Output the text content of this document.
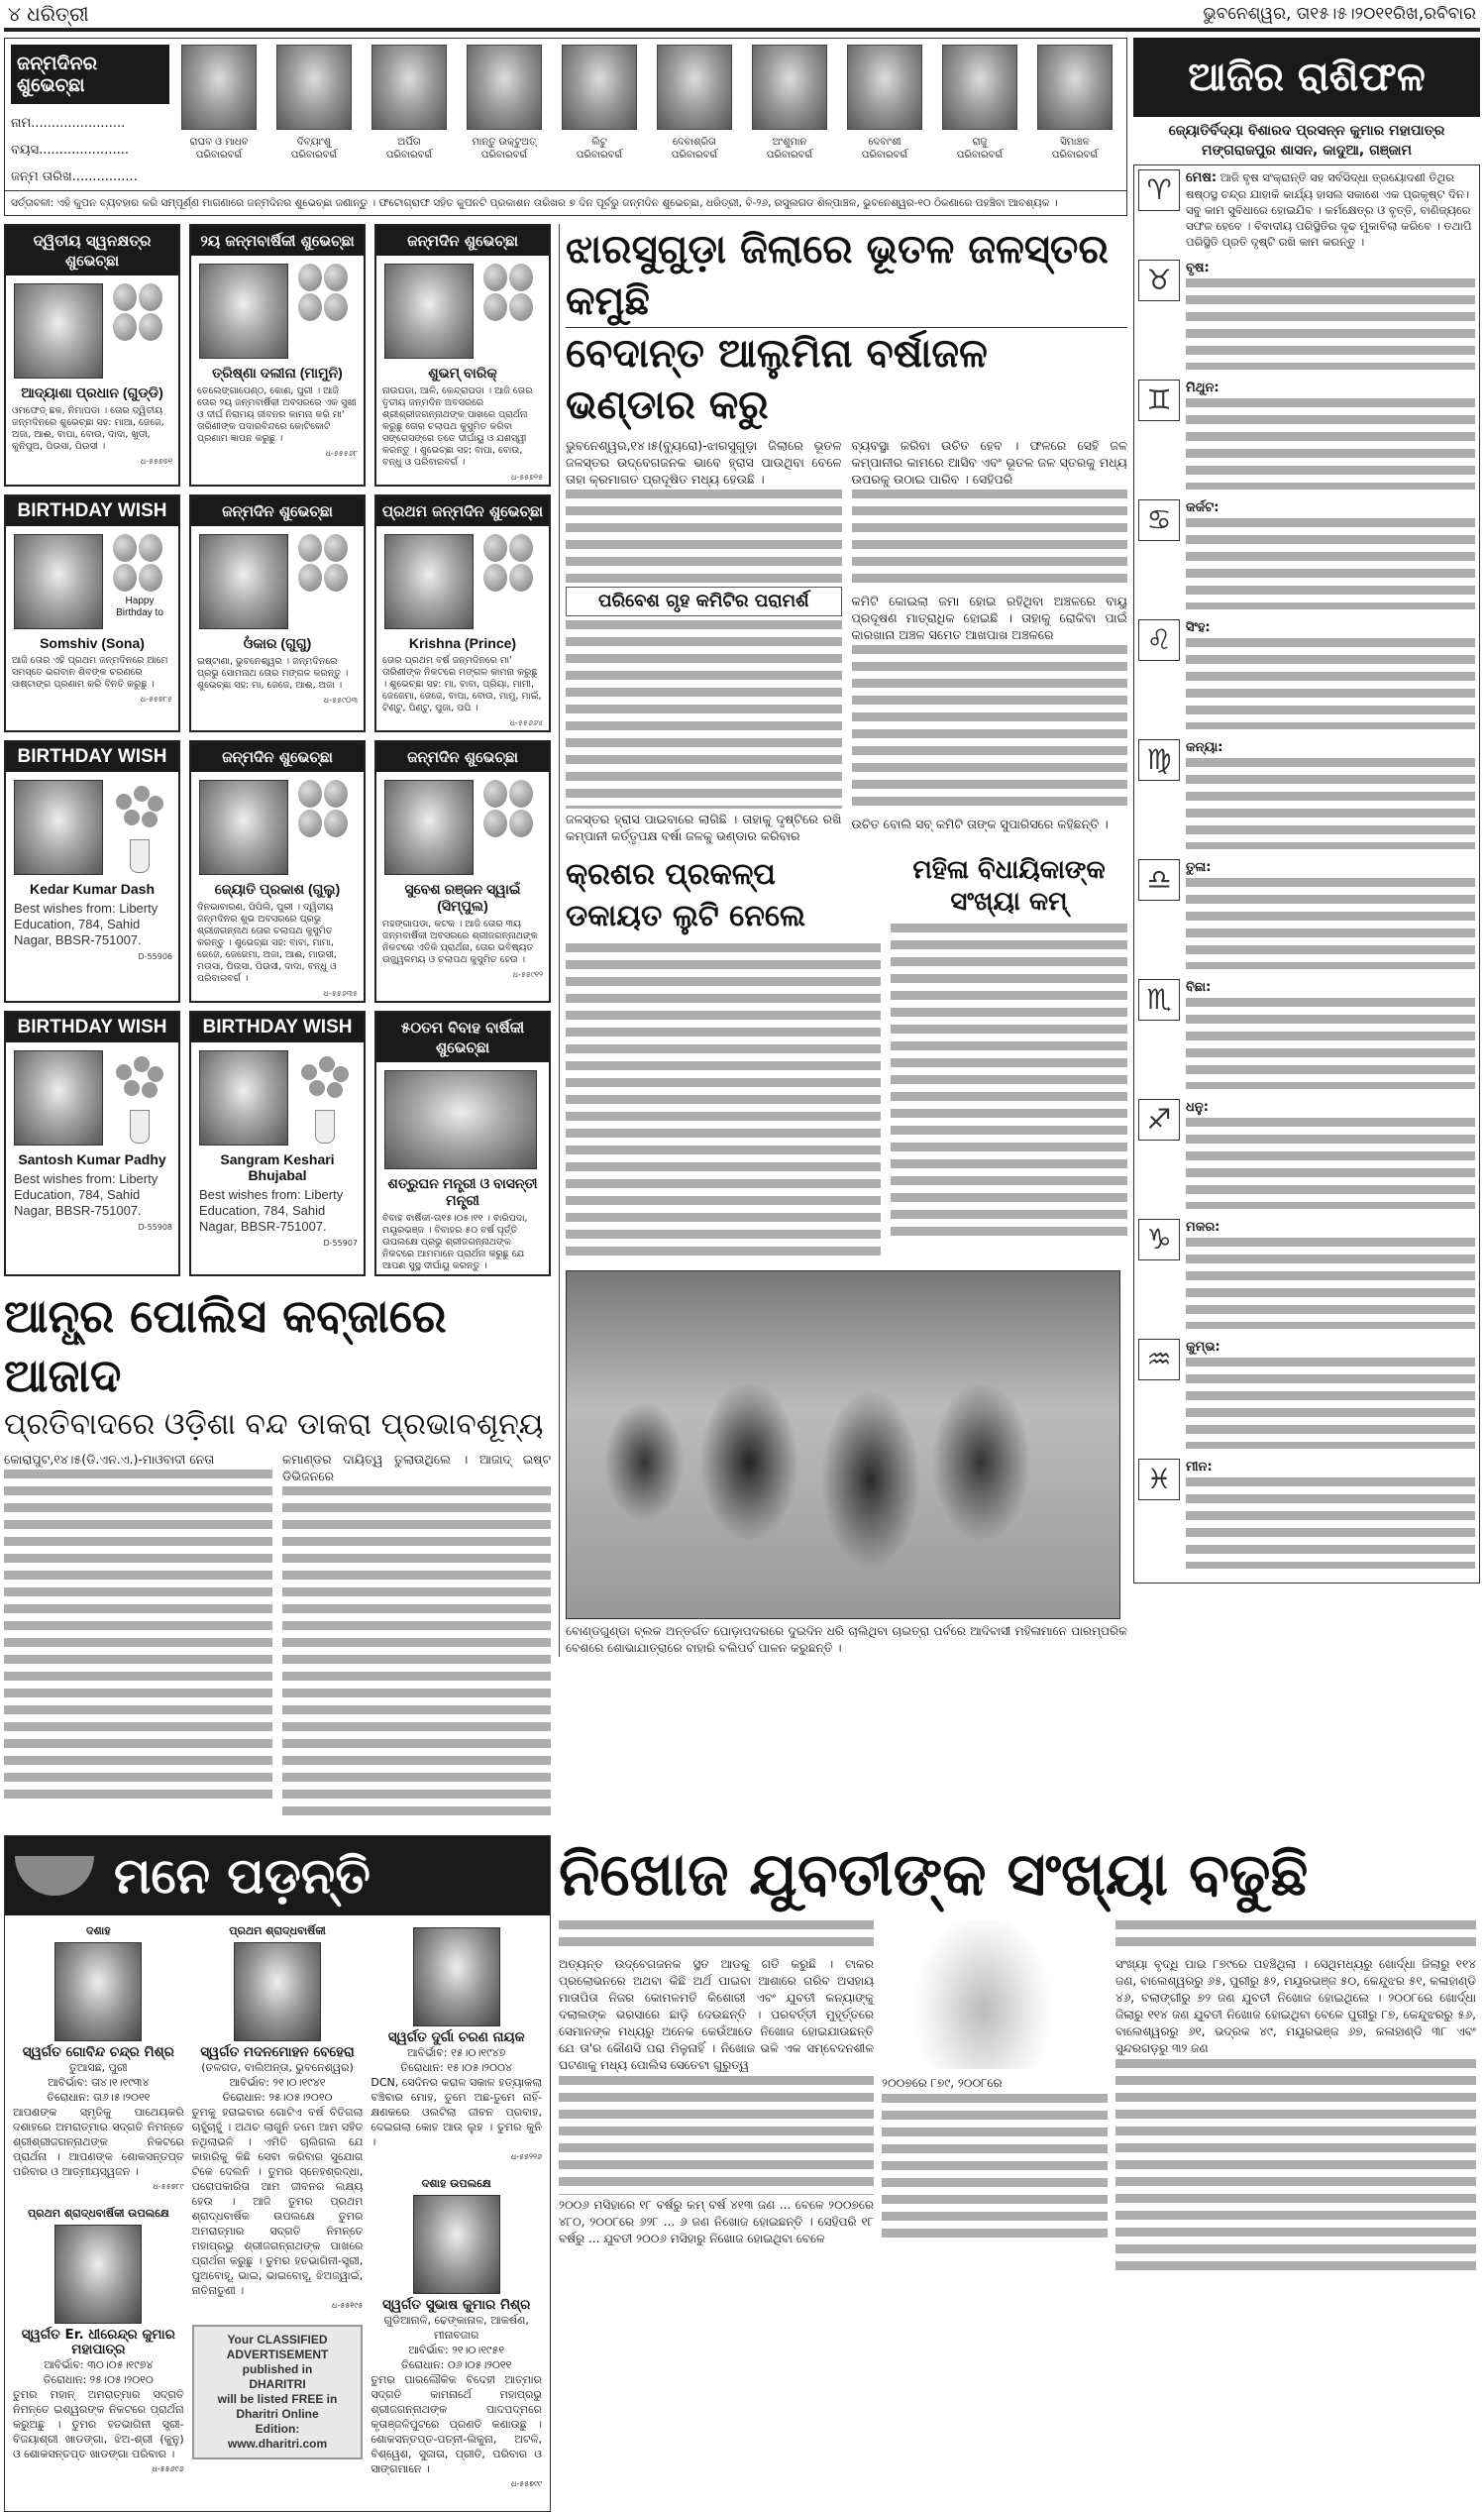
୪ ଧରିତ୍ରୀ	ଭୁବନେଶ୍ୱର, ତା୧୫।୫।୨୦୧୧ରିଖ,ରବିବାର
ଜନ୍ମଦିନର ଶୁଭେଚ୍ଛା
ନାମ.......................
ବୟସ......................
ଜନ୍ମ ତାରିଖ................
ରାଘବ ଓ ମାଧବ
ପରିବାରବର୍ଗ
ଦିବ୍ୟାଂଶୁ
ପରିବାରବର୍ଗ
ଅର୍ପିତା
ପରିବାରବର୍ଗ
ମାନ୍ତୁ ଉକ୍ଟୁଅତ୍
ପରିବାରବର୍ଗ
ଲିଟୁ
ପରିବାରବର୍ଗ
ଦେବାଶ୍ରିତା
ପରିବାରବର୍ଗ
ଅଂଶୁମାନ
ପରିବାରବର୍ଗ
ଦେବାଂଶୀ
ପରିବାରବର୍ଗ
ରାଜୁ
ପରିବାରବର୍ଗ
ସିମାଞ୍ଚଳ
ପରିବାରବର୍ଗ
ସର୍ତ୍ତାବଳୀ: ଏହି କୁପନ ବ୍ୟବହାର କରି ସମ୍ପୂର୍ଣ୍ଣ ମାଗଣାରେ ଜନ୍ମଦିନର ଶୁଭେଚ୍ଛା ଜଣାନ୍ତୁ । ଫଟୋଗ୍ରାଫ ସହିତ କୁପନଟି ପ୍ରକାଶନ ତାରିଖର ୭ ଦିନ ପୂର୍ବରୁ ଜନ୍ମଦିନ ଶୁଭେଚ୍ଛା, ଧରିତ୍ରୀ, ବି-୨୬, ରସୁଲଗଡ ଶିଳ୍ପାଞ୍ଚଳ, ଭୁବନେଶ୍ୱର-୧୦ ଠିକଣାରେ ପହଞ୍ଚିବା ଆବଶ୍ୟକ ।
ଦ୍ୱିତୀୟ ସ୍ୱନକ୍ଷତ୍ର ଶୁଭେଚ୍ଛା
ଆଦ୍ୟାଶା ପ୍ରଧାନ (ଗୁଡ୍ଡି)
ଓମଫେଡ୍ ଛକ, ନିମାପଡା । ତୋର ଦ୍ୱିତୀୟ ଜନ୍ମଦିନରେ ଶୁଭେଚ୍ଛା ସହ: ମାଆ, ଜେଜେ, ଅଜା, ଆଈ, ବାପା, ବୋଉ, ଦାଦା, ଖୁଡୀ, କୁନିପୁଅ, ପିଉସା, ପିଉସୀ ।
ଧ-୫୫୭୭୧
୨ୟ ଜନ୍ମବାର୍ଷିକୀ ଶୁଭେଚ୍ଛା
ତ୍ରିଷ୍ଣା ଦଲୀନା (ମାମୁନି)
ତେଲେଙ୍ଗାପେଣ୍ଠ, କୋଣ, ପୁରୀ । ଆଜି ତୋର ୨ୟ ଜନ୍ମବାର୍ଷିକୀ ଅବସରରେ ଏକ ସୁଖୀ ଓ ଦୀର୍ଘ ନିରାମୟ ଜୀବନର କାମନା କରି ମା' ତାରିଣୀଙ୍କ ପଦାରବିନ୍ଦରେ କୋଟିକୋଟି ପ୍ରଣାମ ଜ୍ଞାପନ କରୁଛୁ ।
ଧ-୫୫୫୬୮
ଜନ୍ମଦିନ ଶୁଭେଚ୍ଛା
ଶୁଭମ୍ ବାରିକ୍
ନାଉପଡା, ଆଳି, କେନ୍ଦ୍ରାପଡା । ଆଜି ତୋର ତୃତୀୟ ଜନ୍ମଦିନ ଅବସରରେ ଶ୍ରୀଶ୍ରୀଜଗନ୍ନାଥଙ୍କ ପାଖରେ ପ୍ରାର୍ଥନା କରୁଛୁ ତୋର ଚଲାପଥ କୁସୁମିତ କରିବା ସଙ୍ଗେସଙ୍ଗେ ତତେ ଦୀର୍ଘାୟୁ ଓ ଯଶସ୍ୱୀ କରନ୍ତୁ । ଶୁଭେଚ୍ଛା ସହ: ବାପା, ବୋଉ, ବନ୍ଧୁ ଓ ପରିବାରବର୍ଗ ।
ଧ-୫୫୭୨୫
BIRTHDAY WISH
Happy Birthday to
Somshiv (Sona)
ଆଜି ତୋର ଏହି ପ୍ରଥମ ଜନ୍ମଦିନରେ ଆମେ ସମସ୍ତେ ଭଗବାନ ଶିବଙ୍କ ଚରଣରେ ସାଷ୍ଟାଙ୍ଗ ପ୍ରଣାମ କରି ବିନତି କରୁଛୁ ।
ଧ-୫୫୭୮୫
ଜନ୍ମଦିନ ଶୁଭେଚ୍ଛା
ଓଁକାର (ଗୁଗୁ)
ଇଷ୍ଟାଣା, ଭୁବନେଶ୍ୱର । ଜନ୍ମଦିନରେ ପ୍ରଭୁ ସୋମନାଥ ତୋର ମଙ୍ଗଳ କରନ୍ତୁ । ଶୁଭେଚ୍ଛା ସହ: ମା, ଜେଜେ, ଆଈ, ଅଜା ।
ଧ-୫୫୯୦୩
ପ୍ରଥମ ଜନ୍ମଦିନ ଶୁଭେଚ୍ଛା
Krishna (Prince)
ତୋର ପ୍ରଥମ ବର୍ଷ ଜନ୍ମଦିନରେ ମା' ତାରିଣୀଙ୍କ ନିକଟରେ ମଙ୍ଗଳ କାମନା କରୁଛୁ । ଶୁଭେଚ୍ଛା ସହ: ମା, ବାବା, ପ୍ରିୟା, ମାମୀ, ଜେଜେମା, ଜେଜେ, ବାପା, ବୋଉ, ମାମୁ, ମାଇଁ, ଟିଣ୍ଟୁ, ପିଣ୍ଟୁ, ପୁଜା, ପପି ।
ଧ-୫୫୬୬୪
BIRTHDAY WISH
Kedar Kumar Dash
Best wishes from: Liberty Education, 784, Sahid Nagar, BBSR-751007.
D-55906
ଜନ୍ମଦିନ ଶୁଭେଚ୍ଛା
ଜ୍ୟୋତି ପ୍ରକାଶ (ଗୁଲୁ)
ଦିନଭାବାରଣ, ପିପିଲି, ପୁରୀ । ଦ୍ୱିତୀୟ ଜନ୍ମଦିନର ଶୁଭ ଅବସରରେ ପ୍ରଭୁ ଶ୍ରୀଜଗନ୍ନାଥ ତୋର ଚଲାପଥ କୁସୁମିତ କରନ୍ତୁ । ଶୁଭେଚ୍ଛା ସହ: ବାବା, ମାମା, ଜେଜେ, ଜେଜେମା, ଅଜା, ଆଈ, ମାଉସୀ, ମଉସା, ପିଉସା, ପିଉସୀ, ଦାଦା, ବନ୍ଧୁ ଓ ପରିବାରବର୍ଗ ।
ଧ-୫୫୬୩୫
ଜନ୍ମଦିନ ଶୁଭେଚ୍ଛା
ସୁବେଶ ରଞ୍ଜନ ସ୍ୱାଇଁ (ସିମ୍ପୁଲ)
ମହଙ୍ଗାପଡା, କଟକ । ଆଜି ତୋର ୩ୟ ଜନ୍ମବାର୍ଷିକୀ ଅବସରରେ ଶ୍ରୀଜଗନ୍ନାଥଙ୍କ ନିକଟରେ ଏତିକି ପ୍ରାର୍ଥନା, ତୋର ଭବିଷ୍ୟତ ଉଜ୍ଜ୍ୱଳମୟ ଓ ଚଲାପଥ କୁସୁମିତ ହେଉ ।
ଧ-୫୫୯୧୨
BIRTHDAY WISH
Santosh Kumar Padhy
Best wishes from: Liberty Education, 784, Sahid Nagar, BBSR-751007.
D-55908
BIRTHDAY WISH
Sangram Keshari Bhujabal
Best wishes from: Liberty Education, 784, Sahid Nagar, BBSR-751007.
D-55907
୫୦ତମ ବିବାହ ବାର୍ଷିକୀ ଶୁଭେଚ୍ଛା
ଶତ୍ରୁଘନ ମନ୍ତ୍ରୀ ଓ ବାସନ୍ତୀ ମନ୍ତ୍ରୀ
ବିବାହ ବାର୍ଷିକୀ-ତା୧୫।୦୫।୧୧ । ବାରିପଦା, ମୟୂରଭଞ୍ଜ । ବିବାହର ୫୦ ବର୍ଷ ପୂର୍ତ୍ତି ଉପଲକ୍ଷେ ପ୍ରଭୁ ଶ୍ରୀଜଗନ୍ନାଥଙ୍କ ନିକଟରେ ଆମମାନେ ପ୍ରାର୍ଥନା କରୁଛୁ ଯେ ଆପଣ ସୁସ୍ଥ ଦୀର୍ଘାୟୁ କରନ୍ତୁ ।
ଆନ୍ଧ୍ର ପୋଲିସ କବ୍ଜାରେ ଆଜାଦ
ପ୍ରତିବାଦରେ ଓଡ଼ିଶା ବନ୍ଦ ଡାକରା ପ୍ରଭାବଶୂନ୍ୟ
କୋରାପୁଟ,୧୪।୫(ଡି.ଏନ.ଏ.)-ମାଓବାଦୀ ନେତା	କମାଣ୍ଡର ଦାୟିତ୍ୱ ତୁଲାଉଥିଲେ । ଆଜାଦ୍ ଇଷ୍ଟ ଡିଭିଜନରେ
ଝାରସୁଗୁଡ଼ା ଜିଲାରେ ଭୂତଳ ଜଳସ୍ତର କମୁଛି
ବେଦାନ୍ତ ଆଲୁମିନା ବର୍ଷାଜଳ ଭଣ୍ଡାର କରୁ
ଭୁବନେଶ୍ୱର,୧୪।୫(ବ୍ୟୁରୋ)-ଝାରସୁଗୁଡ଼ା ଜିଲାରେ ଭୂତଳ ଜଳସ୍ତର ଉଦ୍‌ବେଗଜନକ ଭାବେ ହ୍ରାସ ପାଉଥିବା ବେଳେ ତାହା କ୍ରମାଗତ ପ୍ରଦୂଷିତ ମଧ୍ୟ ହେଉଛି ।
ପରିବେଶ ଗୃହ କମିଟିର ପରାମର୍ଶ
ଜଳସ୍ତର ହ୍ରାସ ପାଇବାରେ ଲାଗିଛି । ତାହାକୁ ଦୃଷ୍ଟିରେ ରଖି କମ୍ପାନୀ କର୍ତ୍ତୃପକ୍ଷ ବର୍ଷା ଜଳକୁ ଭଣ୍ଡାର କରିବାର
ବ୍ୟବସ୍ଥା କରିବା ଉଚିତ ହେବ । ଫଳରେ ସେହି ଜଳ କମ୍ପାନୀର କାମରେ ଆସିବ ଏବଂ ଭୂତଳ ଜଳ ସ୍ତରକୁ ମଧ୍ୟ ଉପରକୁ ଉଠାଇ ପାରିବ । ସେହିପରି
କମିଟି କୋଇଲା ଜମା ହୋଇ ରହିଥିବା ଅଞ୍ଚଳରେ ବାୟୁ ପ୍ରଦୂଷଣ ମାତ୍ରାଧିକ ହୋଇଛି । ତାହାକୁ ରୋକିବା ପାଇଁ କାରଖାନା ଅଞ୍ଚଳ ସମେତ ଆଖପାଖ ଅଞ୍ଚଳରେ
ଉଚିତ ବୋଲି ସବ୍ କମିଟି ତାଙ୍କ ସୁପାରିସରେ କହିଛନ୍ତି ।
କ୍ରଶର ପ୍ରକଳ୍ପ ଡକାୟତ ଲୁଟି ନେଲେ
ମହିଳା ବିଧାୟିକାଙ୍କ ସଂଖ୍ୟା କମ୍
ବୋଣ୍ଡଗୁଣ୍ଡା ବ୍ଲକ ଅନ୍ତର୍ଗତ ପୋଡ଼ାପଦରରେ ଦୁଇଦିନ ଧରି ଚାଲିଥିବା ଚାଇତ୍ରା ପର୍ବରେ ଆଦିବାସୀ ମହିଳାମାନେ ପାରମ୍ପରିକ ବେଶରେ ଶୋଭାଯାତ୍ରାରେ ବାହାରି ବଲିପର୍ବ ପାଳନ କରୁଛନ୍ତି ।
ଆଜିର ରାଶିଫଳ
ଜ୍ୟୋତିର୍ବିଦ୍ୟା ବିଶାରଦ ପ୍ରସନ୍ନ କୁମାର ମହାପାତ୍ର
ମଙ୍ଗରାଜପୁର ଶାସନ, କାଦୁଆ, ଗଞ୍ଜାମ
♈	ମେଷ: ଆଜି ବୃଷ ସଂକ୍ରାନ୍ତି ସହ ସର୍ବସିଦ୍ଧା ତ୍ରୟୋଦଶୀ ତିଥିର ଷଷ୍ଠସ୍ଥ ଚନ୍ଦ୍ର ଯାହାକି କାର୍ଯ୍ୟ ହାସଲ ସକାଶେ ଏକ ପ୍ରକୃଷ୍ଟ ଦିନ। ସବୁ କାମ ସୁବିଧାରେ ହୋଇଯିବ । କର୍ମକ୍ଷେତ୍ର ଓ ବୃତ୍ତି, ବାଣିଜ୍ୟରେ ସଫଳ ହେବେ । ବିବାଦୀୟ ପରିସ୍ଥିତିର ଦୃଢ ମୁକାବିଲା କରିବେ । ତଥାପି ପରିସ୍ଥିତି ପ୍ରତି ଦୃଷ୍ଟି ରଖି କାମ କରନ୍ତୁ ।
♉	ବୃଷ:
♊	ମିଥୁନ:
♋	କର୍କଟ:
♌	ସିଂହ:
♍	କନ୍ୟା:
♎	ତୁଳା:
♏	ବିଛା:
♐	ଧନୁ:
♑	ମକର:
♒	କୁମ୍ଭ:
♓	ମୀନ:
ମନେ ପଡ଼ନ୍ତି
ଦଶାହ
ସ୍ୱର୍ଗତ ଗୋବିନ୍ଦ ଚନ୍ଦ୍ର ମିଶ୍ର
ତୁଆସଛ, ପୁରୀ
ଆବିର୍ଭାବ: ତା୪।୧।୧୯୩୪
ତିରୋଧାନ: ତା୬।୫।୨୦୧୧
ଆପଣଙ୍କ ସ୍ମୃତିକୁ ପାଥେୟକରି ଦଶାହରେ ଅମରାତ୍ମାର ସଦ୍‌ଗତି ନିମନ୍ତେ ଶ୍ରୀଶ୍ରୀଜଗନ୍ନାଥଙ୍କ ନିକଟରେ ପ୍ରାର୍ଥନା । ଆପଣଙ୍କ ଶୋକସନ୍ତପ୍ତ ପରିବାର ଓ ଆତ୍ମୀୟସ୍ୱଜନ ।
ଧ-୫୫୭୮୯
ପ୍ରଥମ ଶ୍ରାଦ୍ଧବାର୍ଷିକୀ ଉପଲକ୍ଷେ
ସ୍ୱର୍ଗତ Er. ଧୀରେନ୍ଦ୍ର କୁମାର ମହାପାତ୍ର
ଆବିର୍ଭାବ: ୩୦।୦୫।୧୯୭୪
ତିରୋଧାନ: ୨୫।୦୫।୨୦୧୦
ତୁମର ମହାନ୍ ଅମରାତ୍ମାର ସଦ୍‌ଗତି ନିମନ୍ତେ ଇଶ୍ୱରଙ୍କ ନିକଟରେ ପ୍ରାର୍ଥନା କରୁଅଛୁ । ତୁମର ହତଭାଗିନୀ ସ୍ତ୍ରୀ-ବିଜୟାଶ୍ରୀ ଖାଡଙ୍ଗା, ଝିଅ-ଶ୍ରୀ (କୁନୁ) ଓ ଶୋକସନ୍ତପ୍ତ ଖାଡଙ୍ଗା ପରିବାର ।
ଧ-୫୫୬୯୬
ପ୍ରଥମ ଶ୍ରାଦ୍ଧବାର୍ଷିକୀ
ସ୍ୱର୍ଗତ ମଦନମୋହନ ବେହେରା
(ତଳଗଡ, ବାଲିଅନ୍ତା, ଭୁବନେଶ୍ୱର)
ଆବିର୍ଭାବ: ୨୧।୦।୧୯୪୧
ତିରୋଧାନ: ୨୫।୦୫।୨୦୧୦
ତୁମକୁ ହରାଇବାର ଗୋଟିଏ ବର୍ଷ ବିତିଗଲା ଚାହୁଁଚାହୁଁ । ଅଥଚ ଲାଗୁନି ତମେ ଆମ ସହିତ ନଥିଲାଭଳି । ଏମିତି ଚାଲିଗଲ ଯେ କାହାରିକୁ କିଛି ସେବା କରିବାର ସୁଯୋଗ ଟିକେ ଦେଲନି । ତୁମର ସ୍ନେହଶ୍ରଦ୍ଧା, ପରୋପକାରିତା ଆମ ଜୀବନର ଲକ୍ଷ୍ୟ ହେଉ । ଆଜି ତୁମର ପ୍ରଥମ ଶ୍ରାଦ୍ଧବାର୍ଷିକ ଉପଲକ୍ଷେ ତୁମର ଅମରାତ୍ମାର ସଦ୍‌ଗତି ନିମନ୍ତେ ମହାପ୍ରଭୁ ଶ୍ରୀଜଗନ୍ନାଥଙ୍କ ପାଖରେ ପ୍ରାର୍ଥନା କରୁଛୁ । ତୁମର ହତଭାଗିନୀ-ସ୍ତ୍ରୀ, ପୁଅବୋହୂ, ଭାଇ, ଭାଇବୋହୂ, ଝିଅଜ୍ୱାଇଁ, ନାତିନାତୁଣୀ ।
ଧ-୫୫୧୯୫
Your CLASSIFIED
ADVERTISEMENT
published in
DHARITRI
will be listed FREE in
Dharitri Online
Edition:
www.dharitri.com
ସ୍ୱର୍ଗତ ଦୁର୍ଗା ଚରଣ ନାୟକ
ଆବିର୍ଭାବ: ୧୫।୦।୧୯୪୭
ତିରୋଧାନ: ୧୫।୦୫।୨୦୦୪
DCN, ସେଦିନର କରାଳ ସକାଳ ହତ୍ୟାକଲା ବଞ୍ଚିବାର ମୋହ, ତୁମେ ଅଛ-ତୁମେ ନାହିଁ-କ୍ଷଣକରେ ଓଲଟିଲା ଜୀବନ ପ୍ରବାହ, ଦେଇଗଲା କୋହ ଆଉ ଲୁହ । ତୁମର କୁନି ।
ଧ-୫୫୨୨୬
ଦଶାହ ଉପଲକ୍ଷେ
ସ୍ୱର୍ଗତ ସୁଭାଷ କୁମାର ମିଶ୍ର
ଗୁଡିଆନାଳି, ଢେଙ୍କାନାଳ, ଆକର୍ଷଣ, ମୀନାବଜାର
ଆବିର୍ଭାବ: ୨୧।୦।୧୯୫୧
ତିରୋଧାନ: ୦୬।୦୫।୨୦୧୧
ତୁମର ପାରଲୌକିକ ବିଦେହୀ ଆତ୍ମାର ସଦ୍‌ଗତି କାମନାର୍ଥେ ମହାପ୍ରଭୁ ଶ୍ରୀଜଗନ୍ନାଥଙ୍କ ପାଦପଦ୍ମରେ କୃତାଞ୍ଜଳିପୁଟରେ ପ୍ରଣତି କଣାଉଛୁ । ଶୋକସନ୍ତପ୍ତ-ପତ୍ନୀ-ଲିକୁନା, ଅଟଳି, ବିଶ୍ୱେଶ, ସୁଜାତା, ପ୍ରୀତି, ପରିବାର ଓ ସାଙ୍ଗମାନେ ।
ଧ-୫୫୭୯୯
ନିଖୋଜ ଯୁବତୀଙ୍କ ସଂଖ୍ୟା ବଢୁଛି
ଅତ୍ୟନ୍ତ ଉଦ୍‌ବେଗଜନକ ସ୍ଥତ ଆଡକୁ ଗତି କରୁଛି । ଟାକର ପ୍ରଲୋଭନରେ ଅଥବା କିଛି ଅର୍ଥ ପାଇବା ଆଶାରେ ଗରିବ ଅସହାୟ ମାତାପିତା ନିଜର କୋମଳମତି କିଶୋରୀ ଏବଂ ଯୁବତୀ କନ୍ୟାଙ୍କୁ ଦଲାଲଙ୍କ ଭରସାରେ ଛାଡ଼ି ଦେଉଛନ୍ତି । ପରବର୍ତ୍ତୀ ମୁହୂର୍ତ୍ତରେ ସେମାନଙ୍କ ମଧ୍ୟରୁ ଅନେକ କେଉଁଆଡେ ନିଖୋଜ ହୋଇଯାଉଛନ୍ତି ଯେ ତା'ର କୌଣସି ପରା ମିଳୁନାହିଁ । ନିଖୋଜ ଭଳି ଏକ ସମ୍ବେଦନଶୀଳ ଘଟଣାକୁ ମଧ୍ୟ ପୋଲିସ ସେତେଟା ଗୁରୁତ୍ୱ
୨୦୦୬ ମସିହାରେ ୧୮ ବର୍ଷରୁ କମ୍ ବର୍ଷ ୪୧୩ ଜଣ ... ବେଳେ ୨୦୦୭ରେ ୪୮୦, ୨୦୦୮ରେ ୬୨୮ ... ୬ ଜଣ ନିଖୋଜ ହୋଇଛନ୍ତି । ସେହିପରି ୧୮ ବର୍ଷରୁ ... ଯୁବତୀ ୨୦୦୬ ମସିହାରୁ ନିଖୋଜ ହୋଇଥିବା ବେଳେ
୨୦୦୭ରେ ୮୭୯, ୨୦୦୮ରେ
ସଂଖ୍ୟା ବୃଦ୍ଧି ପାଇ ୮୭୯ରେ ପହଞ୍ଚିଥିଲା । ସେଥିମଧ୍ୟରୁ ଖୋର୍ଦ୍ଧା ଜିଲାରୁ ୧୧୪ ଜଣ, ବାଲେଶ୍ୱରରୁ ୬୫, ପୁରୀରୁ ୫୨, ମୟୂରଭଞ୍ଜ ୫୦, କେନ୍ଦୁଝର ୫୧, କଳାହାଣ୍ଡି ୪୬, ବଲାଙ୍ଗୀରୁ ୭୨ ଜଣ ଯୁବତୀ ନିଖୋଜ ହୋଇଥିଲେ । ୨୦୦୮ରେ ଖୋର୍ଦ୍ଧା ଜିଲାରୁ ୧୧୪ ଜଣ ଯୁବତୀ ନିଖୋଜ ହୋଇଥିବା ବେଳେ ପୁରୀରୁ ୮୭, କେନ୍ଦୁଝରରୁ ୫୬, ବାଲେଶ୍ୱରରୁ ୬୧, ଭଦ୍ରକ ୪୯, ମୟୂରଭଞ୍ଜ ୬୭, କଳାହାଣ୍ଡି ୩୮ ଏବଂ ସୁନ୍ଦରଗଡ଼ରୁ ୩୨ ଜଣ
